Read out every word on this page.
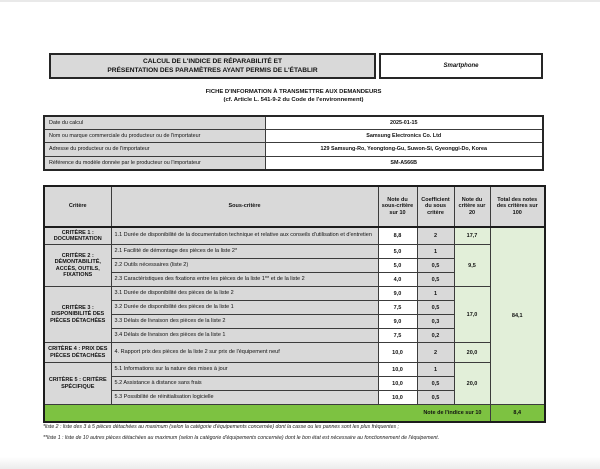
CALCUL DE L'INDICE DE RÉPARABILITÉ ET
PRÉSENTATION DES PARAMÈTRES AYANT PERMIS DE L'ÉTABLIR
Smartphone
FICHE D'INFORMATION À TRANSMETTRE AUX DEMANDEURS
(cf. Article L. 541-9-2 du Code de l'environnement)
Date du calcul	2025-01-15
Nom ou marque commerciale du producteur ou de l'importateur	Samsung Electronics Co. Ltd
Adresse du producteur ou de l'importateur	129 Samsung-Ro, Yeongtong-Gu, Suwon-Si, Gyeonggi-Do, Korea
Référence du modèle donnée par le producteur ou l'importateur	SM-A566B
Critère	Sous-critère	Note du sous-critère sur 10	Coefficient du sous critère	Note du critère sur 20	Total des notes des critères sur 100
CRITÈRE 1 : DOCUMENTATION	1.1 Durée de disponibilité de la documentation technique et relative aux conseils d'utilisation et d'entretien	8,8	2	17,7	84,1
CRITÈRE 2 : DÉMONTABILITÉ, ACCÈS, OUTILS, FIXATIONS	2.1 Facilité de démontage des pièces de la liste 2*	5,0	1	9,5	
	2.2 Outils nécessaires (liste 2)	5,0	0,5		
	2.3 Caractéristiques des fixations entre les pièces de la liste 1** et de la liste 2	4,0	0,5		
CRITÈRE 3 : DISPONIBILITÉ DES PIÈCES DÉTACHÉES	3.1 Durée de disponibilité des pièces de la liste 2	9,0	1	17,0	
	3.2 Durée de disponibilité des pièces de la liste 1	7,5	0,5		
	3.3 Délais de livraison des pièces de la liste 2	9,0	0,3		
	3.4 Délais de livraison des pièces de la liste 1	7,5	0,2		
CRITÈRE 4 : PRIX DES PIÈCES DÉTACHÉES	4. Rapport prix des pièces de la liste 2 sur prix de l'équipement neuf	10,0	2	20,0	
CRITÈRE 5 : CRITÈRE SPÉCIFIQUE	5.1 Informations sur la nature des mises à jour	10,0	1	20,0	
	5.2 Assistance à distance sans frais	10,0	0,5		
	5.3 Possibilité de réinitialisation logicielle	10,0	0,5		
Note de l'indice sur 10					8,4
*liste 2 : liste des 3 à 5 pièces détachées au maximum (selon la catégorie d'équipements concernée) dont la casse ou les pannes sont les plus fréquentes ;
**liste 1 : liste de 10 autres pièces détachées au maximum (selon la catégorie d'équipements concernée) dont le bon état est nécessaire au fonctionnement de l'équipement.
